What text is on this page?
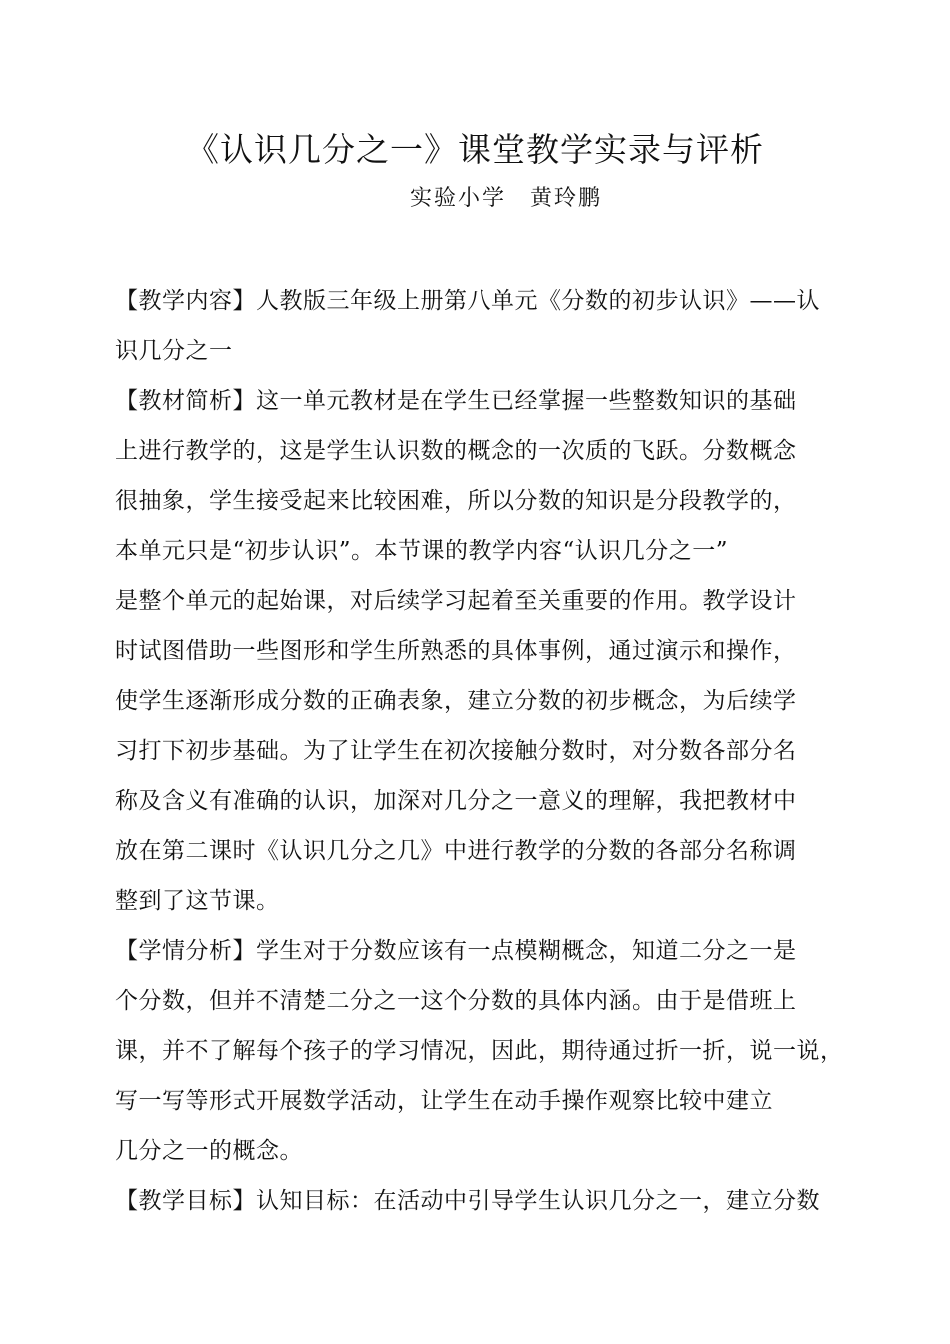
《认识几分之一》课堂教学实录与评析
实验小学　黄玲鹏
【教学内容】人教版三年级上册第八单元《分数的初步认识》——认
识几分之一
【教材简析】这一单元教材是在学生已经掌握一些整数知识的基础
上进行教学的，这是学生认识数的概念的一次质的飞跃。分数概念
很抽象，学生接受起来比较困难，所以分数的知识是分段教学的，
本单元只是“初步认识”。本节课的教学内容“认识几分之一”
是整个单元的起始课，对后续学习起着至关重要的作用。教学设计
时试图借助一些图形和学生所熟悉的具体事例，通过演示和操作，
使学生逐渐形成分数的正确表象，建立分数的初步概念，为后续学
习打下初步基础。为了让学生在初次接触分数时，对分数各部分名
称及含义有准确的认识，加深对几分之一意义的理解，我把教材中
放在第二课时《认识几分之几》中进行教学的分数的各部分名称调
整到了这节课。
【学情分析】学生对于分数应该有一点模糊概念，知道二分之一是
个分数，但并不清楚二分之一这个分数的具体内涵。由于是借班上
课，并不了解每个孩子的学习情况，因此，期待通过折一折，说一说，
写一写等形式开展数学活动，让学生在动手操作观察比较中建立
几分之一的概念。
【教学目标】认知目标：在活动中引导学生认识几分之一，建立分数
